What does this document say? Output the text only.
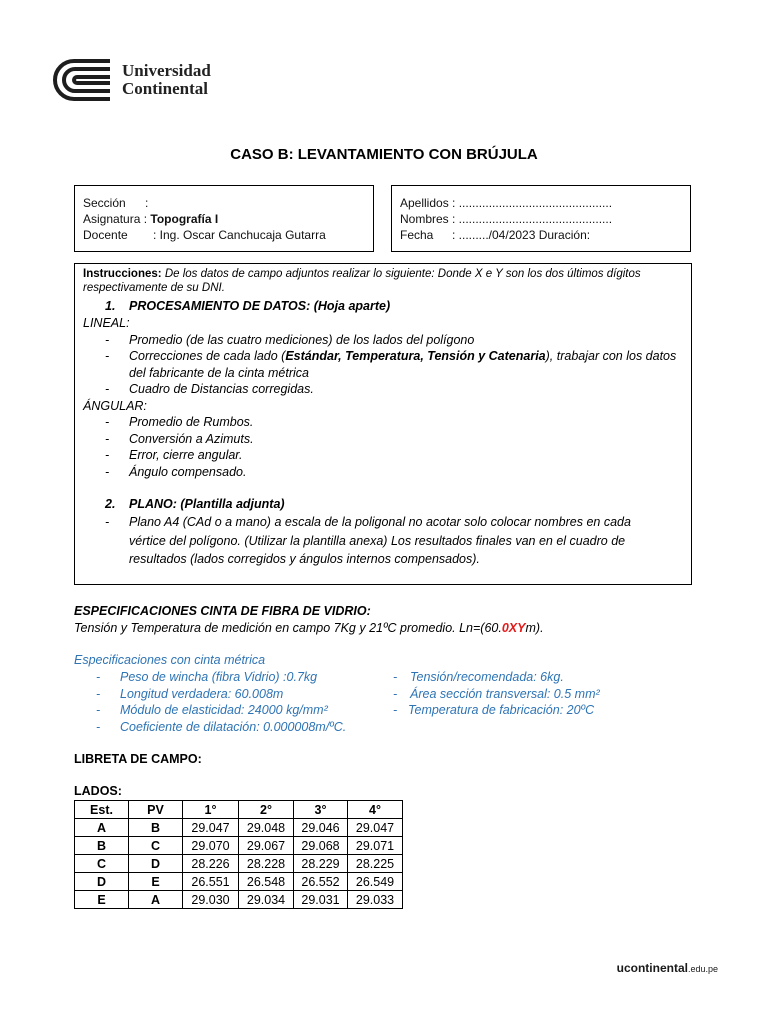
Universidad
Continental
CASO B: LEVANTAMIENTO CON BRÚJULA
Sección :
Asignatura : Topografía I
Docente : Ing. Oscar Canchucaja Gutarra
Apellidos : ..............................................
Nombres : ..............................................
Fecha : ........./04/2023 Duración:
Instrucciones: De los datos de campo adjuntos realizar lo siguiente: Donde X e Y son los dos últimos dígitos respectivamente de su DNI.
1. PROCESAMIENTO DE DATOS: (Hoja aparte)
LINEAL:
- Promedio (de las cuatro mediciones) de los lados del polígono
- Correcciones de cada lado (Estándar, Temperatura, Tensión y Catenaria), trabajar con los datos del fabricante de la cinta métrica
- Cuadro de Distancias corregidas.
ÁNGULAR:
- Promedio de Rumbos.
- Conversión a Azimuts.
- Error, cierre angular.
- Ángulo compensado.
2. PLANO: (Plantilla adjunta)
- Plano A4 (CAd o a mano) a escala de la poligonal no acotar solo colocar nombres en cada vértice del polígono. (Utilizar la plantilla anexa) Los resultados finales van en el cuadro de resultados (lados corregidos y ángulos internos compensados).
ESPECIFICACIONES CINTA DE FIBRA DE VIDRIO:
Tensión y Temperatura de medición en campo 7Kg y 21ºC promedio. Ln=(60.0XYm).
Especificaciones con cinta métrica
- Peso de wincha (fibra Vidrio) :0.7kg
- Longitud verdadera: 60.008m
- Módulo de elasticidad: 24000 kg/mm²
- Coeficiente de dilatación: 0.000008m/ºC.
- Tensión/recomendada: 6kg.
- Área sección transversal: 0.5 mm²
- Temperatura de fabricación: 20ºC
LIBRETA DE CAMPO:
LADOS:
Est.	PV	1°	2°	3°	4°
A	B	29.047	29.048	29.046	29.047
B	C	29.070	29.067	29.068	29.071
C	D	28.226	28.228	28.229	28.225
D	E	26.551	26.548	26.552	26.549
E	A	29.030	29.034	29.031	29.033
ucontinental.edu.pe
